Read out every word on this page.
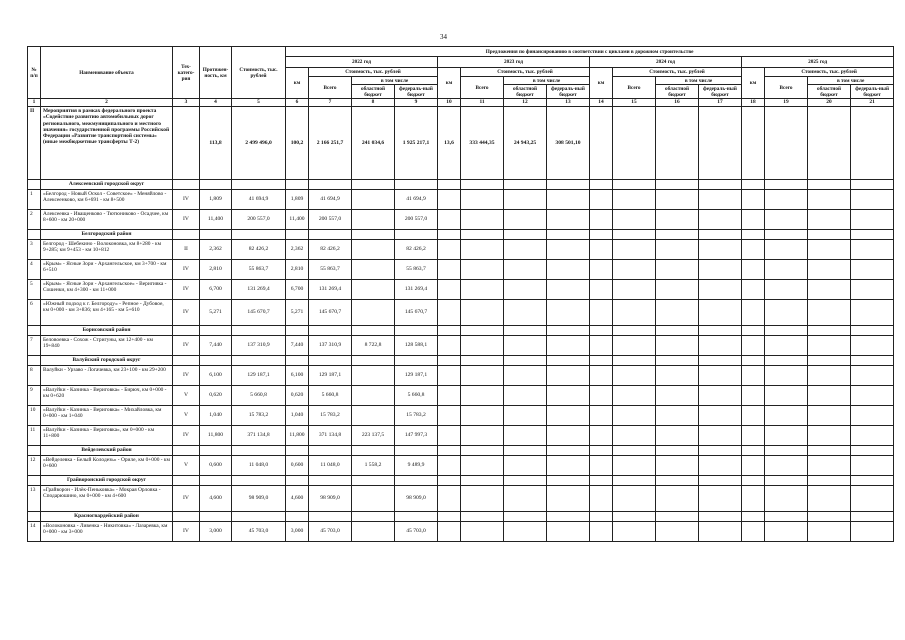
34
№ п/п	Наименование объекта	Тех-катего-рия	Протяжен-ность, км	Стоимость, тыс. рублей	Предложения по финансированию в соответствии с циклами в дорожном строительстве															
					2022 год				2023 год				2024 год				2025 год			
					км	Стоимость, тыс. рублей			км	Стоимость, тыс. рублей			км	Стоимость, тыс. рублей			км	Стоимость, тыс. рублей		
						Всего	в том числе			Всего	в том числе			Всего	в том числе			Всего	в том числе	
							областной бюджет	федераль-ный бюджет			областной бюджет	федераль-ный бюджет			областной бюджет	федераль-ный бюджет			областной бюджет	федераль-ный бюджет
1	2	3	4	5	6	7	8	9	10	11	12	13	14	15	16	17	18	19	20	21
II	Мероприятия в рамках федерального проекта «Содействие развитию автомобильных дорог регионального, межмуниципального и местного значения» государственной программы Российской Федерации «Развитие транспортной системы» (иные межбюджетные трансферты Т-2)		113,8	2 499 496,0	100,2	2 166 251,7	241 034,6	1 925 217,1	13,6	333 444,35	24 943,25	308 501,10								
	Алексеевский городской округ																			
1	«Белгород - Новый Оскол - Советское» - Меняйлово - Алексеенково, км 6+691 - км 8+500	IV	1,809	41 694,9	1,809	41 694,9		41 694,9												
2	Алексеевка - Иващенково - Тютюниково - Осадчее, км 8+600 - км 20+000	IV	11,400	200 557,0	11,400	200 557,0		200 557,0												
	Белгородский район																			
3	Белгород - Шебекино - Волоконовка, км 8+280 - км 9+285; км 9+453 - км 10+812	II	2,362	82 426,2	2,362	82 426,2		82 426,2												
4	«Крым» - Ясные Зори - Архангельское, км 3+700 - км 6+510	IV	2,810	55 863,7	2,810	55 863,7		55 863,7												
5	«Крым» - Ясные Зори - Архангельское» - Веригивка - Сошенки, км 4+300 - км 11+000	IV	6,700	131 269,4	6,700	131 269,4		131 269,4												
6	«Южный подход к г. Белгороду» - Репное - Дубовое, км 0+000 - км 3+836; км 4+165 - км 5+610	IV	5,271	145 670,7	5,271	145 670,7		145 670,7												
	Борисовский район																			
7	Беловоевка - Сохож - Стригуны, км 12+400 - км 19+840	IV	7,440	137 310,9	7,440	137 310,9	8 722,8	128 588,1												
	Валуйский городской округ																			
8	Валуйки - Урзаво - Логачевка, км 23+100 - км 29+200	IV	6,100	129 187,1	6,100	129 187,1		129 187,1												
9	«Валуйки - Казинка - Вериговка» - Бирюч, км 0+000 - км 0+620	V	0,620	5 660,8	0,620	5 660,8		5 660,8												
10	«Валуйки - Казинка - Вериговка» - Михайловка, км 0+000 - км 1+040	V	1,040	15 783,2	1,040	15 783,2		15 783,2												
11	«Валуйки - Казинка - Вериговка», км 0+000 - км 11+800	IV	11,800	371 134,8	11,800	371 134,8	223 137,5	147 997,3												
	Вейделевский район																			
12	«Вейделевка - Белый Колодезь» - Ориле, км 0+000 - км 0+600	V	0,600	11 048,0	0,600	11 048,0	1 558,2	9 489,9												
	Грайворонский городской округ																			
13	«Грайворон - Илёк-Пеньковка» - Мокрая Орловка - Сподарюшино, км 0+000 - км 4+600	IV	4,600	98 909,0	4,600	98 909,0		98 909,0												
	Красногвардейский район																			
14	«Волоконовка - Ливенка - Никитовка» - Лазаревка, км 0+000 - км 3+000	IV	3,000	45 703,0	3,000	45 703,0		45 703,0												
